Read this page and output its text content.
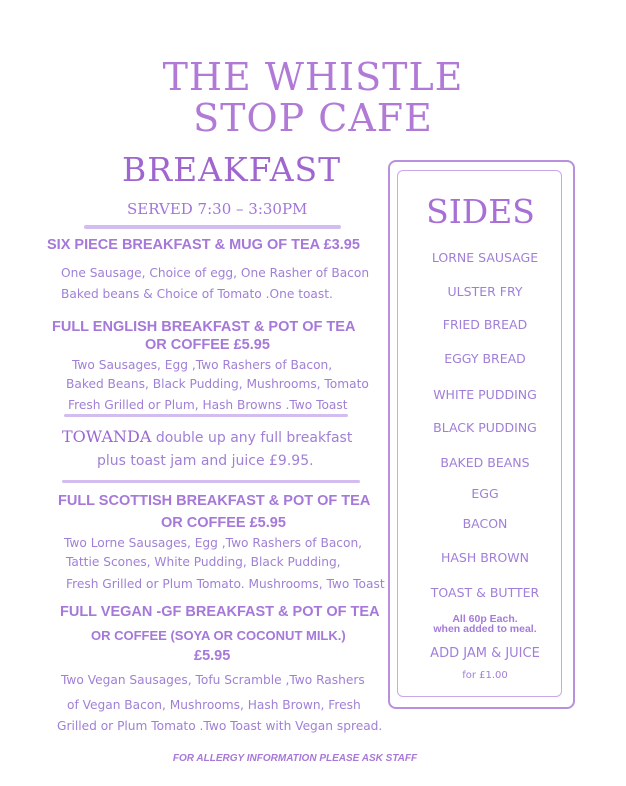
THE WHISTLE
STOP CAFE
BREAKFAST
SERVED 7:30 – 3:30PM
SIX PIECE BREAKFAST & MUG OF TEA £3.95
One Sausage, Choice of egg, One Rasher of Bacon
Baked beans & Choice of Tomato .One toast.
FULL ENGLISH BREAKFAST & POT OF TEA
OR COFFEE £5.95
Two Sausages, Egg ,Two Rashers of Bacon,
Baked Beans, Black Pudding, Mushrooms, Tomato
Fresh Grilled or Plum, Hash Browns .Two Toast
TOWANDA double up any full breakfast
plus toast jam and juice £9.95.
FULL SCOTTISH BREAKFAST & POT OF TEA
OR COFFEE £5.95
Two Lorne Sausages, Egg ,Two Rashers of Bacon,
Tattie Scones, White Pudding, Black Pudding,
Fresh Grilled or Plum Tomato. Mushrooms, Two Toast
FULL VEGAN -GF BREAKFAST & POT OF TEA
OR COFFEE (SOYA OR COCONUT MILK.)
£5.95
Two Vegan Sausages, Tofu Scramble ,Two Rashers
of Vegan Bacon, Mushrooms, Hash Brown, Fresh
Grilled or Plum Tomato .Two Toast with Vegan spread.
SIDES
LORNE SAUSAGE
ULSTER FRY
FRIED BREAD
EGGY BREAD
WHITE PUDDING
BLACK PUDDING
BAKED BEANS
EGG
BACON
HASH BROWN
TOAST & BUTTER
All 60p Each.
when added to meal.
ADD JAM & JUICE
for £1.00
FOR ALLERGY INFORMATION PLEASE ASK STAFF
